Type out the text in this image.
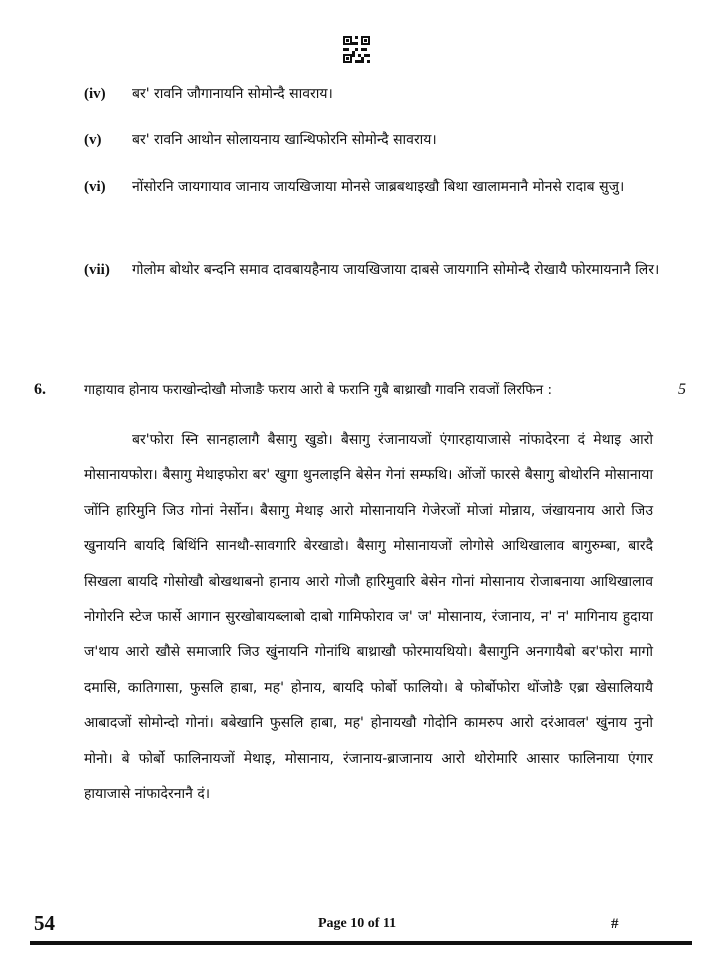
(iv) बर' रावनि जौगानायनि सोमोन्दै सावराय।
(v) बर' रावनि आथोन सोलायनाय खान्थिफोरनि सोमोन्दै सावराय।
(vi) नोंसोरनि जायगायाव जानाय जायखिजाया मोनसे जाब्रबथाइखौ बिथा खालामनानै मोनसे रादाब सुजु।
(vii) गोलोम बोथोर बन्दनि समाव दावबायहैनाय जायखिजाया दाबसे जायगानि सोमोन्दै रोखायै फोरमायनानै लिर।
6.	गाहायाव होनाय फराखोन्दोखौ मोजाङै फराय आरो बे फरानि गुबै बाथ्राखौ गावनि रावजों लिरफिन :	5
बर'फोरा स्नि सानहालागै बैसागु खुडो। बैसागु रंजानायजों एंगारहायाजासे नांफादेरना दं मेथाइ आरो मोसानायफोरा। बैसागु मेथाइफोरा बर' खुगा थुनलाइनि बेसेन गेनां सम्फथि। ओंजों फारसे बैसागु बोथोरनि मोसानाया जोंनि हारिमुनि जिउ गोनां नेर्सोन। बैसागु मेथाइ आरो मोसानायनि गेजेरजों मोजां मोन्नाय, जंखायनाय आरो जिउ खुनायनि बायदि बिथिंनि सानथौ-सावगारि बेरखाडो। बैसागु मोसानायजों लोगोसे आथिखालाव बागुरुम्बा, बारदै सिखला बायदि गोसोखौ बोखथाबनो हानाय आरो गोजौ हारिमुवारि बेसेन गोनां मोसानाय रोजाबनाया आथिखालाव नोगोरनि स्टेज फार्से आगान सुरखोबायब्लाबो दाबो गामिफोराव ज' ज' मोसानाय, रंजानाय, न' न' मागिनाय हुदाया ज'थाय आरो खौसे समाजारि जिउ खुंनायनि गोनांथि बाथ्राखौ फोरमायथियो। बैसागुनि अनगायैबो बर'फोरा मागो दमासि, कातिगासा, फुसलि हाबा, मह' होनाय, बायदि फोर्बो फालियो। बे फोर्बोफोरा थोंजोङै एब्रा खेसालियायै आबादजों सोमोन्दो गोनां। बबेखानि फुसलि हाबा, मह' होनायखौ गोदोनि कामरुप आरो दरंआवल' खुंनाय नुनो मोनो। बे फोर्बो फालिनायजों मेथाइ, मोसानाय, रंजानाय-ब्राजानाय आरो थोरोमारि आसार फालिनाया एंगार हायाजासे नांफादेरनानै दं।
54	Page 10 of 11	#
